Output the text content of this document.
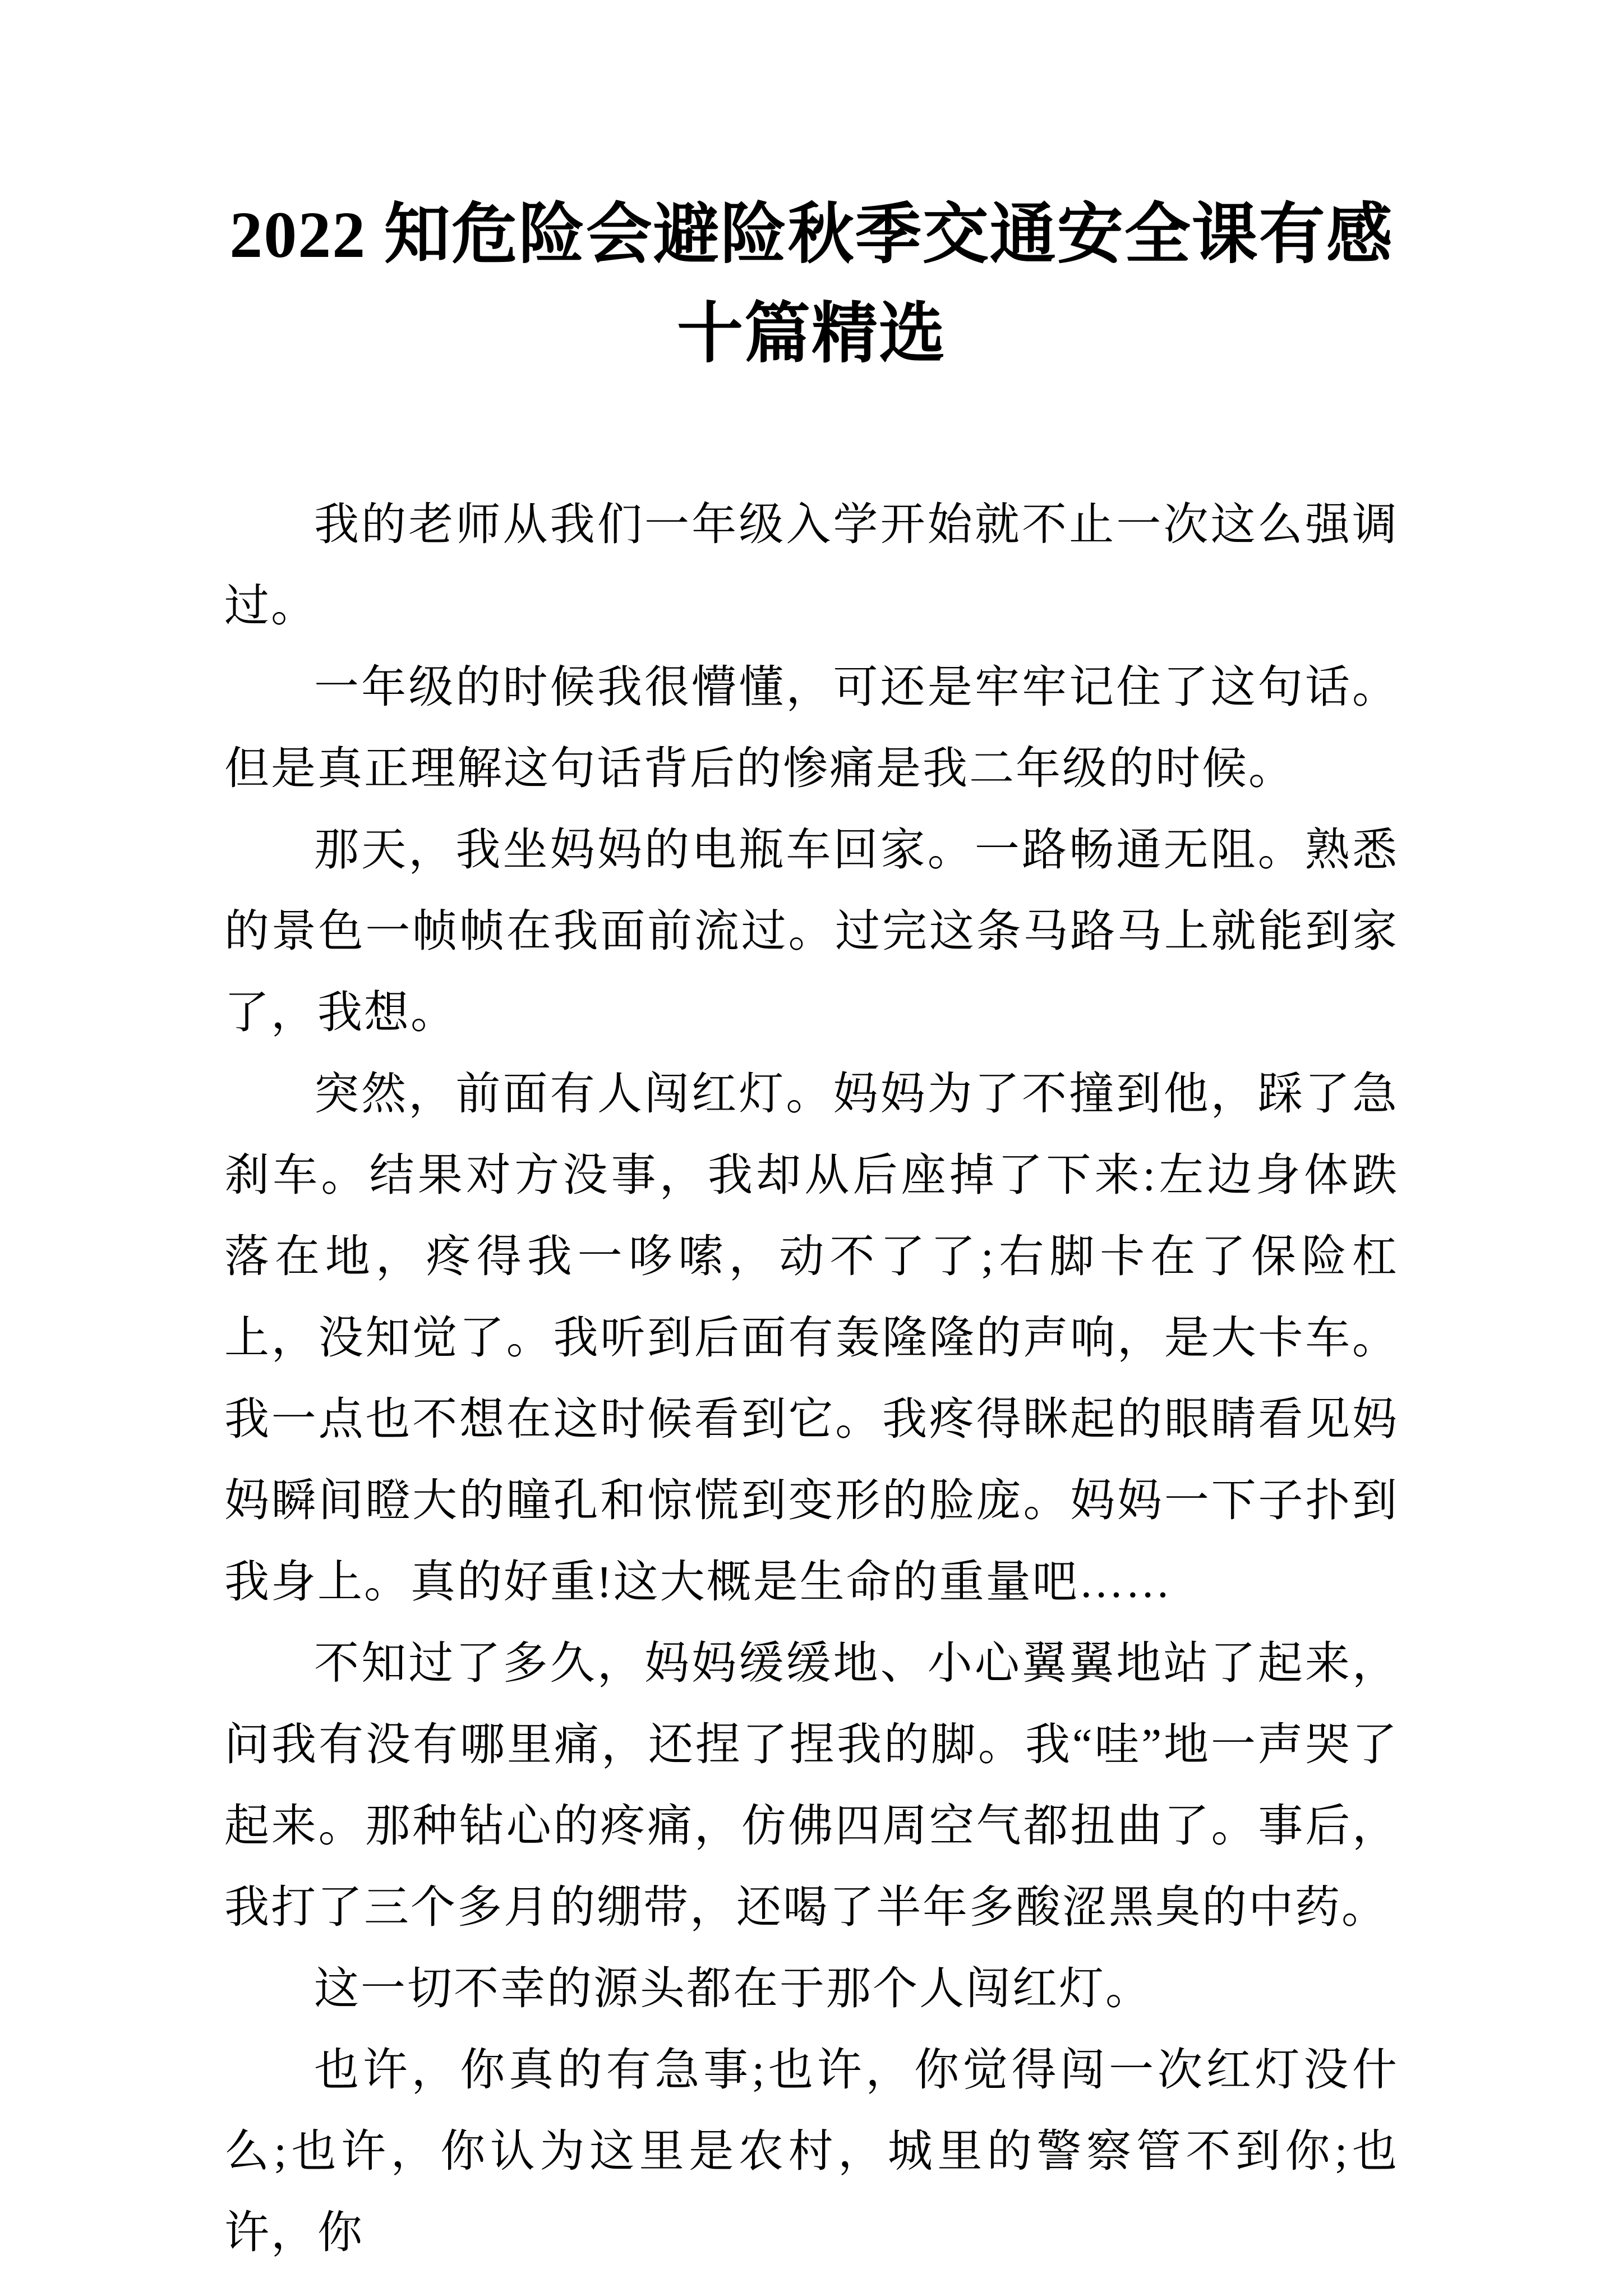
2022 知危险会避险秋季交通安全课有感十篇精选

我的老师从我们一年级入学开始就不止一次这么强调过。

一年级的时候我很懵懂，可还是牢牢记住了这句话。但是真正理解这句话背后的惨痛是我二年级的时候。

那天，我坐妈妈的电瓶车回家。一路畅通无阻。熟悉的景色一帧帧在我面前流过。过完这条马路马上就能到家了，我想。

突然，前面有人闯红灯。妈妈为了不撞到他，踩了急刹车。结果对方没事，我却从后座掉了下来:左边身体跌落在地，疼得我一哆嗦，动不了了;右脚卡在了保险杠上，没知觉了。我听到后面有轰隆隆的声响，是大卡车。我一点也不想在这时候看到它。我疼得眯起的眼睛看见妈妈瞬间瞪大的瞳孔和惊慌到变形的脸庞。妈妈一下子扑到我身上。真的好重!这大概是生命的重量吧……

不知过了多久，妈妈缓缓地、小心翼翼地站了起来，问我有没有哪里痛，还捏了捏我的脚。我“哇”地一声哭了起来。那种钻心的疼痛，仿佛四周空气都扭曲了。事后，我打了三个多月的绷带，还喝了半年多酸涩黑臭的中药。

这一切不幸的源头都在于那个人闯红灯。

也许，你真的有急事;也许，你觉得闯一次红灯没什么;也许，你认为这里是农村，城里的警察管不到你;也许，你
